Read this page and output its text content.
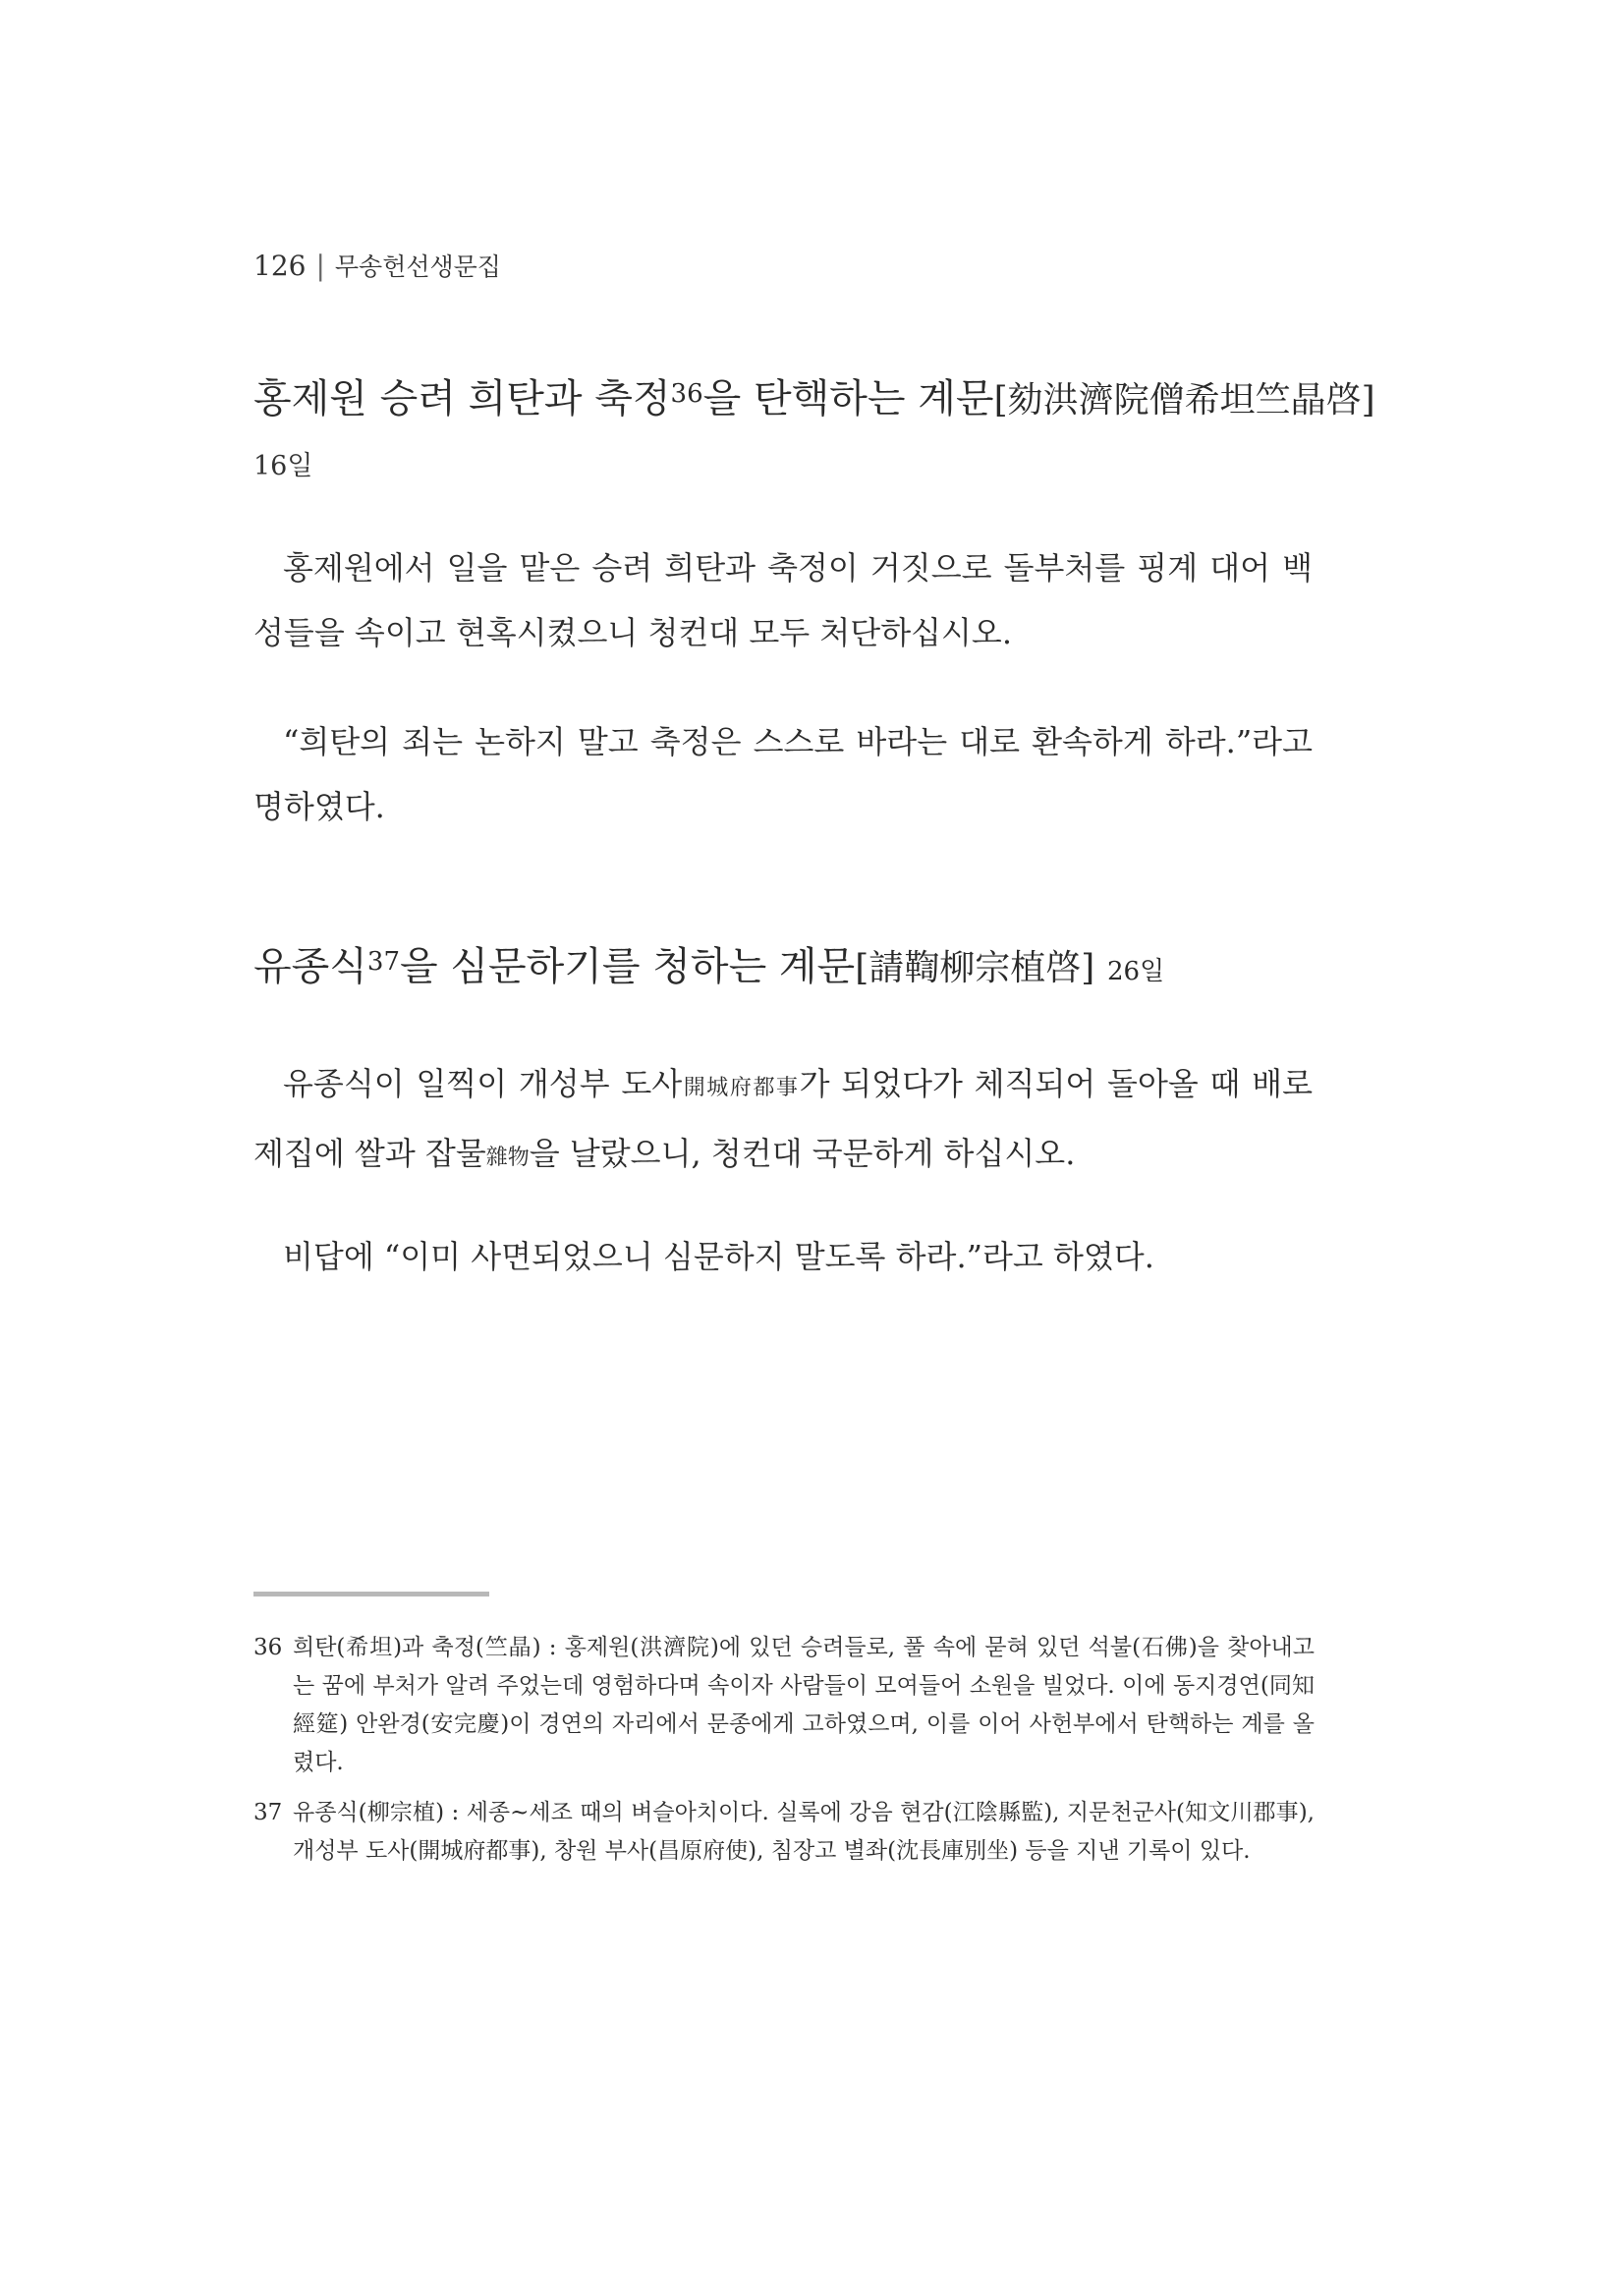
126 | 무송헌선생문집
홍제원 승려 희탄과 축정$^{36}$을 탄핵하는 계문[劾洪濟院僧希坦竺晶啓]
16일
홍제원에서 일을 맡은 승려 희탄과 축정이 거짓으로 돌부처를 핑계 대어 백성들을 속이고 현혹시켰으니 청컨대 모두 처단하십시오.
“희탄의 죄는 논하지 말고 축정은 스스로 바라는 대로 환속하게 하라.”라고 명하였다.
유종식$^{37}$을 심문하기를 청하는 계문[請鞫柳宗植啓] 26일
유종식이 일찍이 개성부 도사開城府都事가 되었다가 체직되어 돌아올 때 배로 제집에 쌀과 잡물雜物을 날랐으니, 청컨대 국문하게 하십시오.
비답에 “이미 사면되었으니 심문하지 말도록 하라.”라고 하였다.
36 희탄(希坦)과 축정(竺晶) : 홍제원(洪濟院)에 있던 승려들로, 풀 속에 묻혀 있던 석불(石佛)을 찾아내고는 꿈에 부처가 알려 주었는데 영험하다며 속이자 사람들이 모여들어 소원을 빌었다. 이에 동지경연(同知經筵) 안완경(安完慶)이 경연의 자리에서 문종에게 고하였으며, 이를 이어 사헌부에서 탄핵하는 계를 올렸다.
37 유종식(柳宗植) : 세종~세조 때의 벼슬아치이다. 실록에 강음 현감(江陰縣監), 지문천군사(知文川郡事), 개성부 도사(開城府都事), 창원 부사(昌原府使), 침장고 별좌(沈長庫別坐) 등을 지낸 기록이 있다.
